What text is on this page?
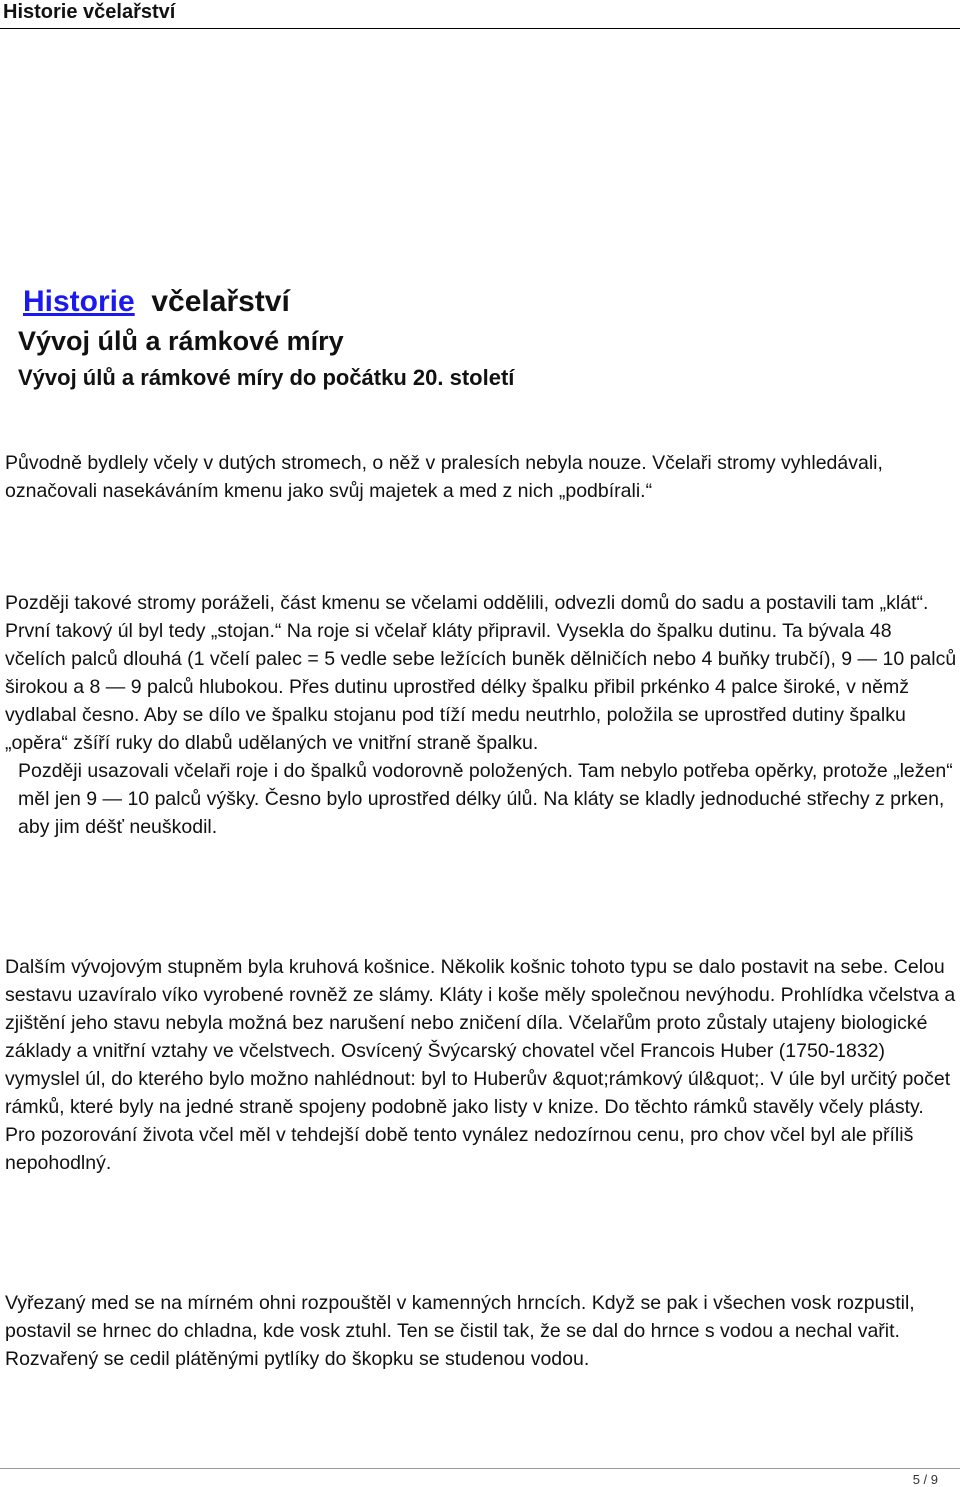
Historie včelařství
Historie včelařství
Vývoj úlů a rámkové míry
Vývoj úlů a rámkové míry do počátku 20. století

Původně bydlely včely v dutých stromech, o něž v pralesích nebyla nouze. Včelaři stromy vyhledávali, označovali nasekáváním kmenu jako svůj majetek a med z nich „podbírali.“

Později takové stromy poráželi, část kmenu se včelami oddělili, odvezli domů do sadu a postavili tam „klát“. První takový úl byl tedy „stojan.“ Na roje si včelař kláty připravil. Vysekla do špalku dutinu. Ta bývala 48 včelích palců dlouhá (1 včelí palec = 5 vedle sebe ležících buněk dělničích nebo 4 buňky trubčí), 9 — 10 palců širokou a 8 — 9 palců hlubokou. Přes dutinu uprostřed délky špalku přibil prkénko 4 palce široké, v němž vydlabal česno. Aby se dílo ve špalku stojanu pod tíží medu neutrhlo, položila se uprostřed dutiny špalku „opěra“ zšíří ruky do dlabů udělaných ve vnitřní straně špalku.
Později usazovali včelaři roje i do špalků vodorovně položených. Tam nebylo potřeba opěrky, protože „ležen“ měl jen 9 — 10 palců výšky. Česno bylo uprostřed délky úlů. Na kláty se kladly jednoduché střechy z prken, aby jim déšť neuškodil.

Dalším vývojovým stupněm byla kruhová košnice. Několik košnic tohoto typu se dalo postavit na sebe. Celou sestavu uzavíralo víko vyrobené rovněž ze slámy. Kláty i koše měly společnou nevýhodu. Prohlídka včelstva a zjištění jeho stavu nebyla možná bez narušení nebo zničení díla. Včelařům proto zůstaly utajeny biologické základy a vnitřní vztahy ve včelstvech. Osvícený Švýcarský chovatel včel Francois Huber (1750-1832) vymyslel úl, do kterého bylo možno nahlédnout: byl to Huberův &quot;rámkový úl&quot;. V úle byl určitý počet rámků, které byly na jedné straně spojeny podobně jako listy v knize. Do těchto rámků stavěly včely plásty. Pro pozorování života včel měl v tehdejší době tento vynález nedozírnou cenu, pro chov včel byl ale příliš nepohodlný.

Vyřezaný med se na mírném ohni rozpouštěl v kamenných hrncích. Když se pak i všechen vosk rozpustil, postavil se hrnec do chladna, kde vosk ztuhl. Ten se čistil tak, že se dal do hrnce s vodou a nechal vařit. Rozvařený se cedil plátěnými pytlíky do škopku se studenou vodou.

5 / 9
